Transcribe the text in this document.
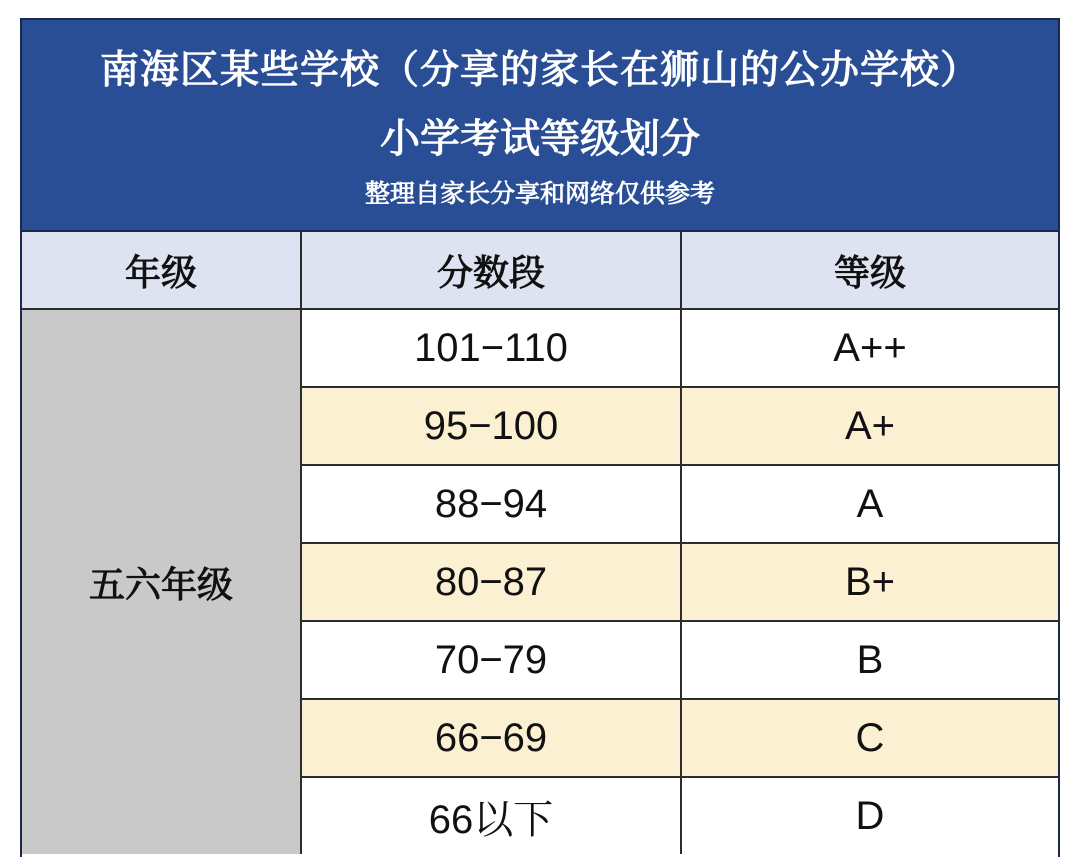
南海区某些学校（分享的家长在狮山的公办学校）
小学考试等级划分
整理自家长分享和网络仅供参考
年级	分数段	等级
五六年级	101−110	A++
	95−100	A+
	88−94	A
	80−87	B+
	70−79	B
	66−69	C
	66以下	D
